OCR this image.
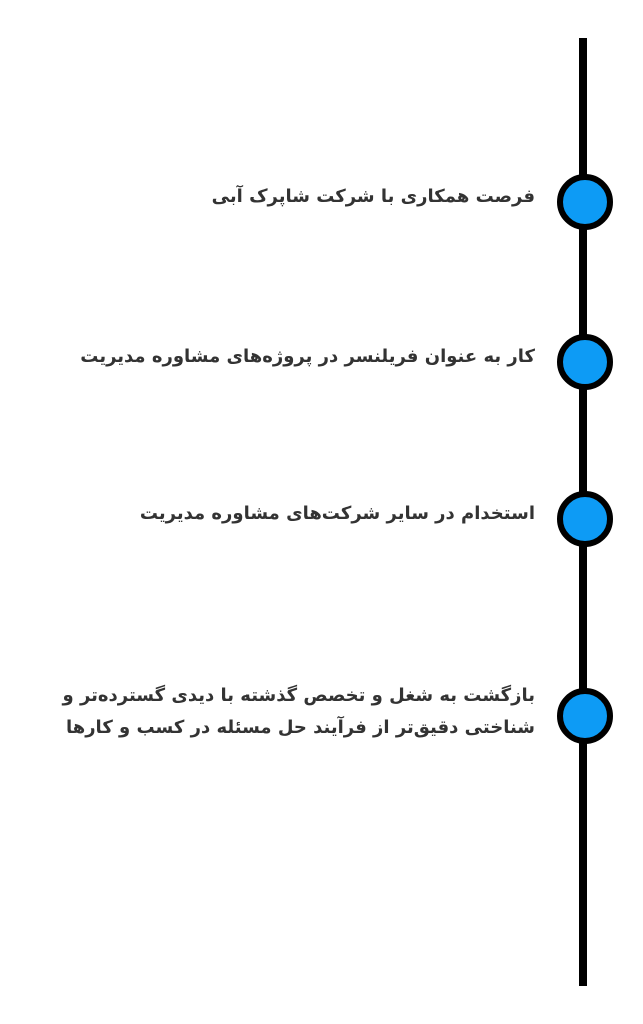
فرصت همکاری با شرکت شاپرک آبی
کار به عنوان فریلنسر در پروژه‌های مشاوره مدیریت
استخدام در سایر شرکت‌های مشاوره مدیریت
بازگشت به شغل و تخصص گذشته با دیدی گسترده‌تر و
شناختی دقیق‌تر از فرآیند حل مسئله در کسب و کارها
